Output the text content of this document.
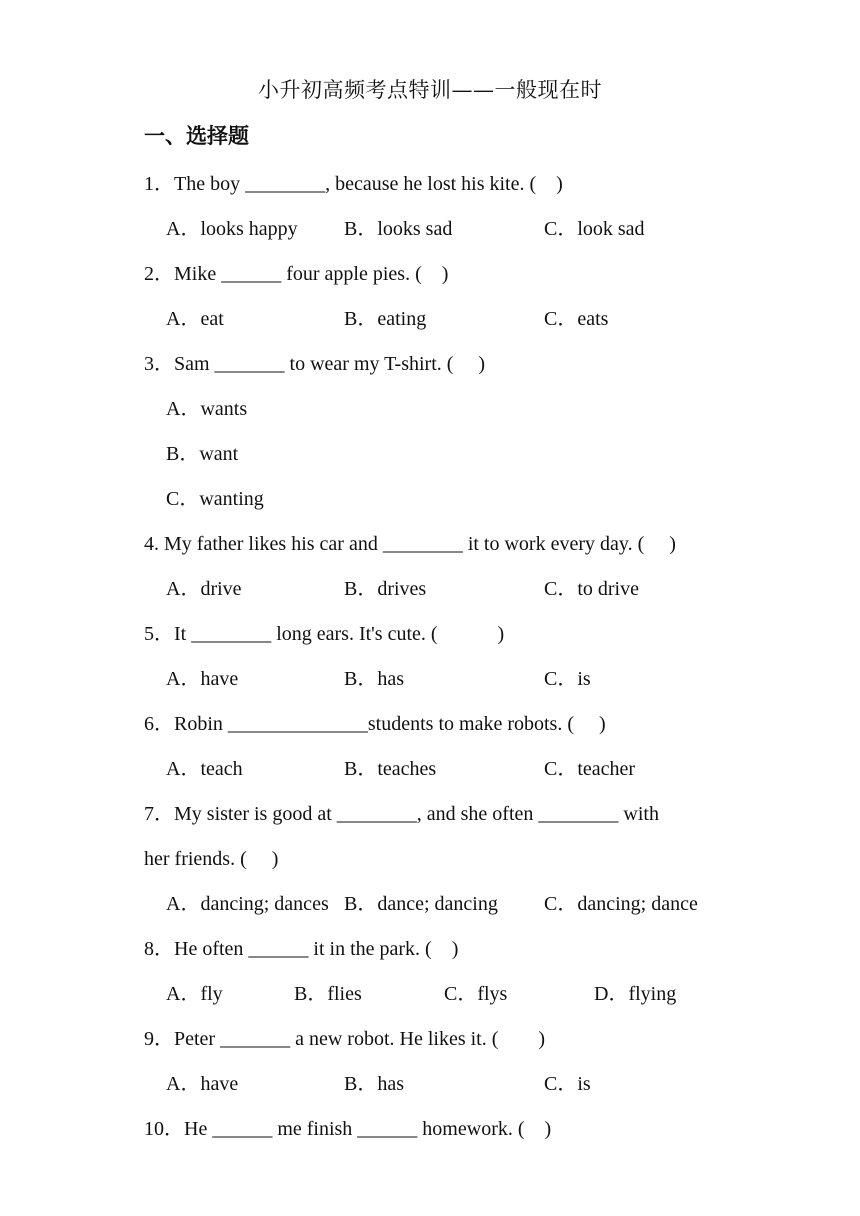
小升初高频考点特训——一般现在时
一、选择题
1．The boy ________, because he lost his kite. (　)
A．looks happy B．looks sad	C．look sad
2．Mike ______ four apple pies. (　)
A．eat	B．eating	C．eats
3．Sam _______ to wear my T-shirt. (　 )
A．wants
B．want
C．wanting
4. My father likes his car and ________ it to work every day. (　 )
A．drive	B．drives	C．to drive
5．It ________ long ears. It's cute. (　　　)
A．have	B．has	C．is
6．Robin ______________students to make robots. (　 )
A．teach	B．teaches	C．teacher
7．My sister is good at ________, and she often ________ with
her friends. (　 )
A．dancing; dances B．dance; dancing C．dancing; dance
8．He often ______ it in the park. (　)
A．fly	B．flies	C．flys	D．flying
9．Peter _______ a new robot. He likes it. (　　)
A．have	B．has	C．is
10．He ______ me finish ______ homework. (　)
